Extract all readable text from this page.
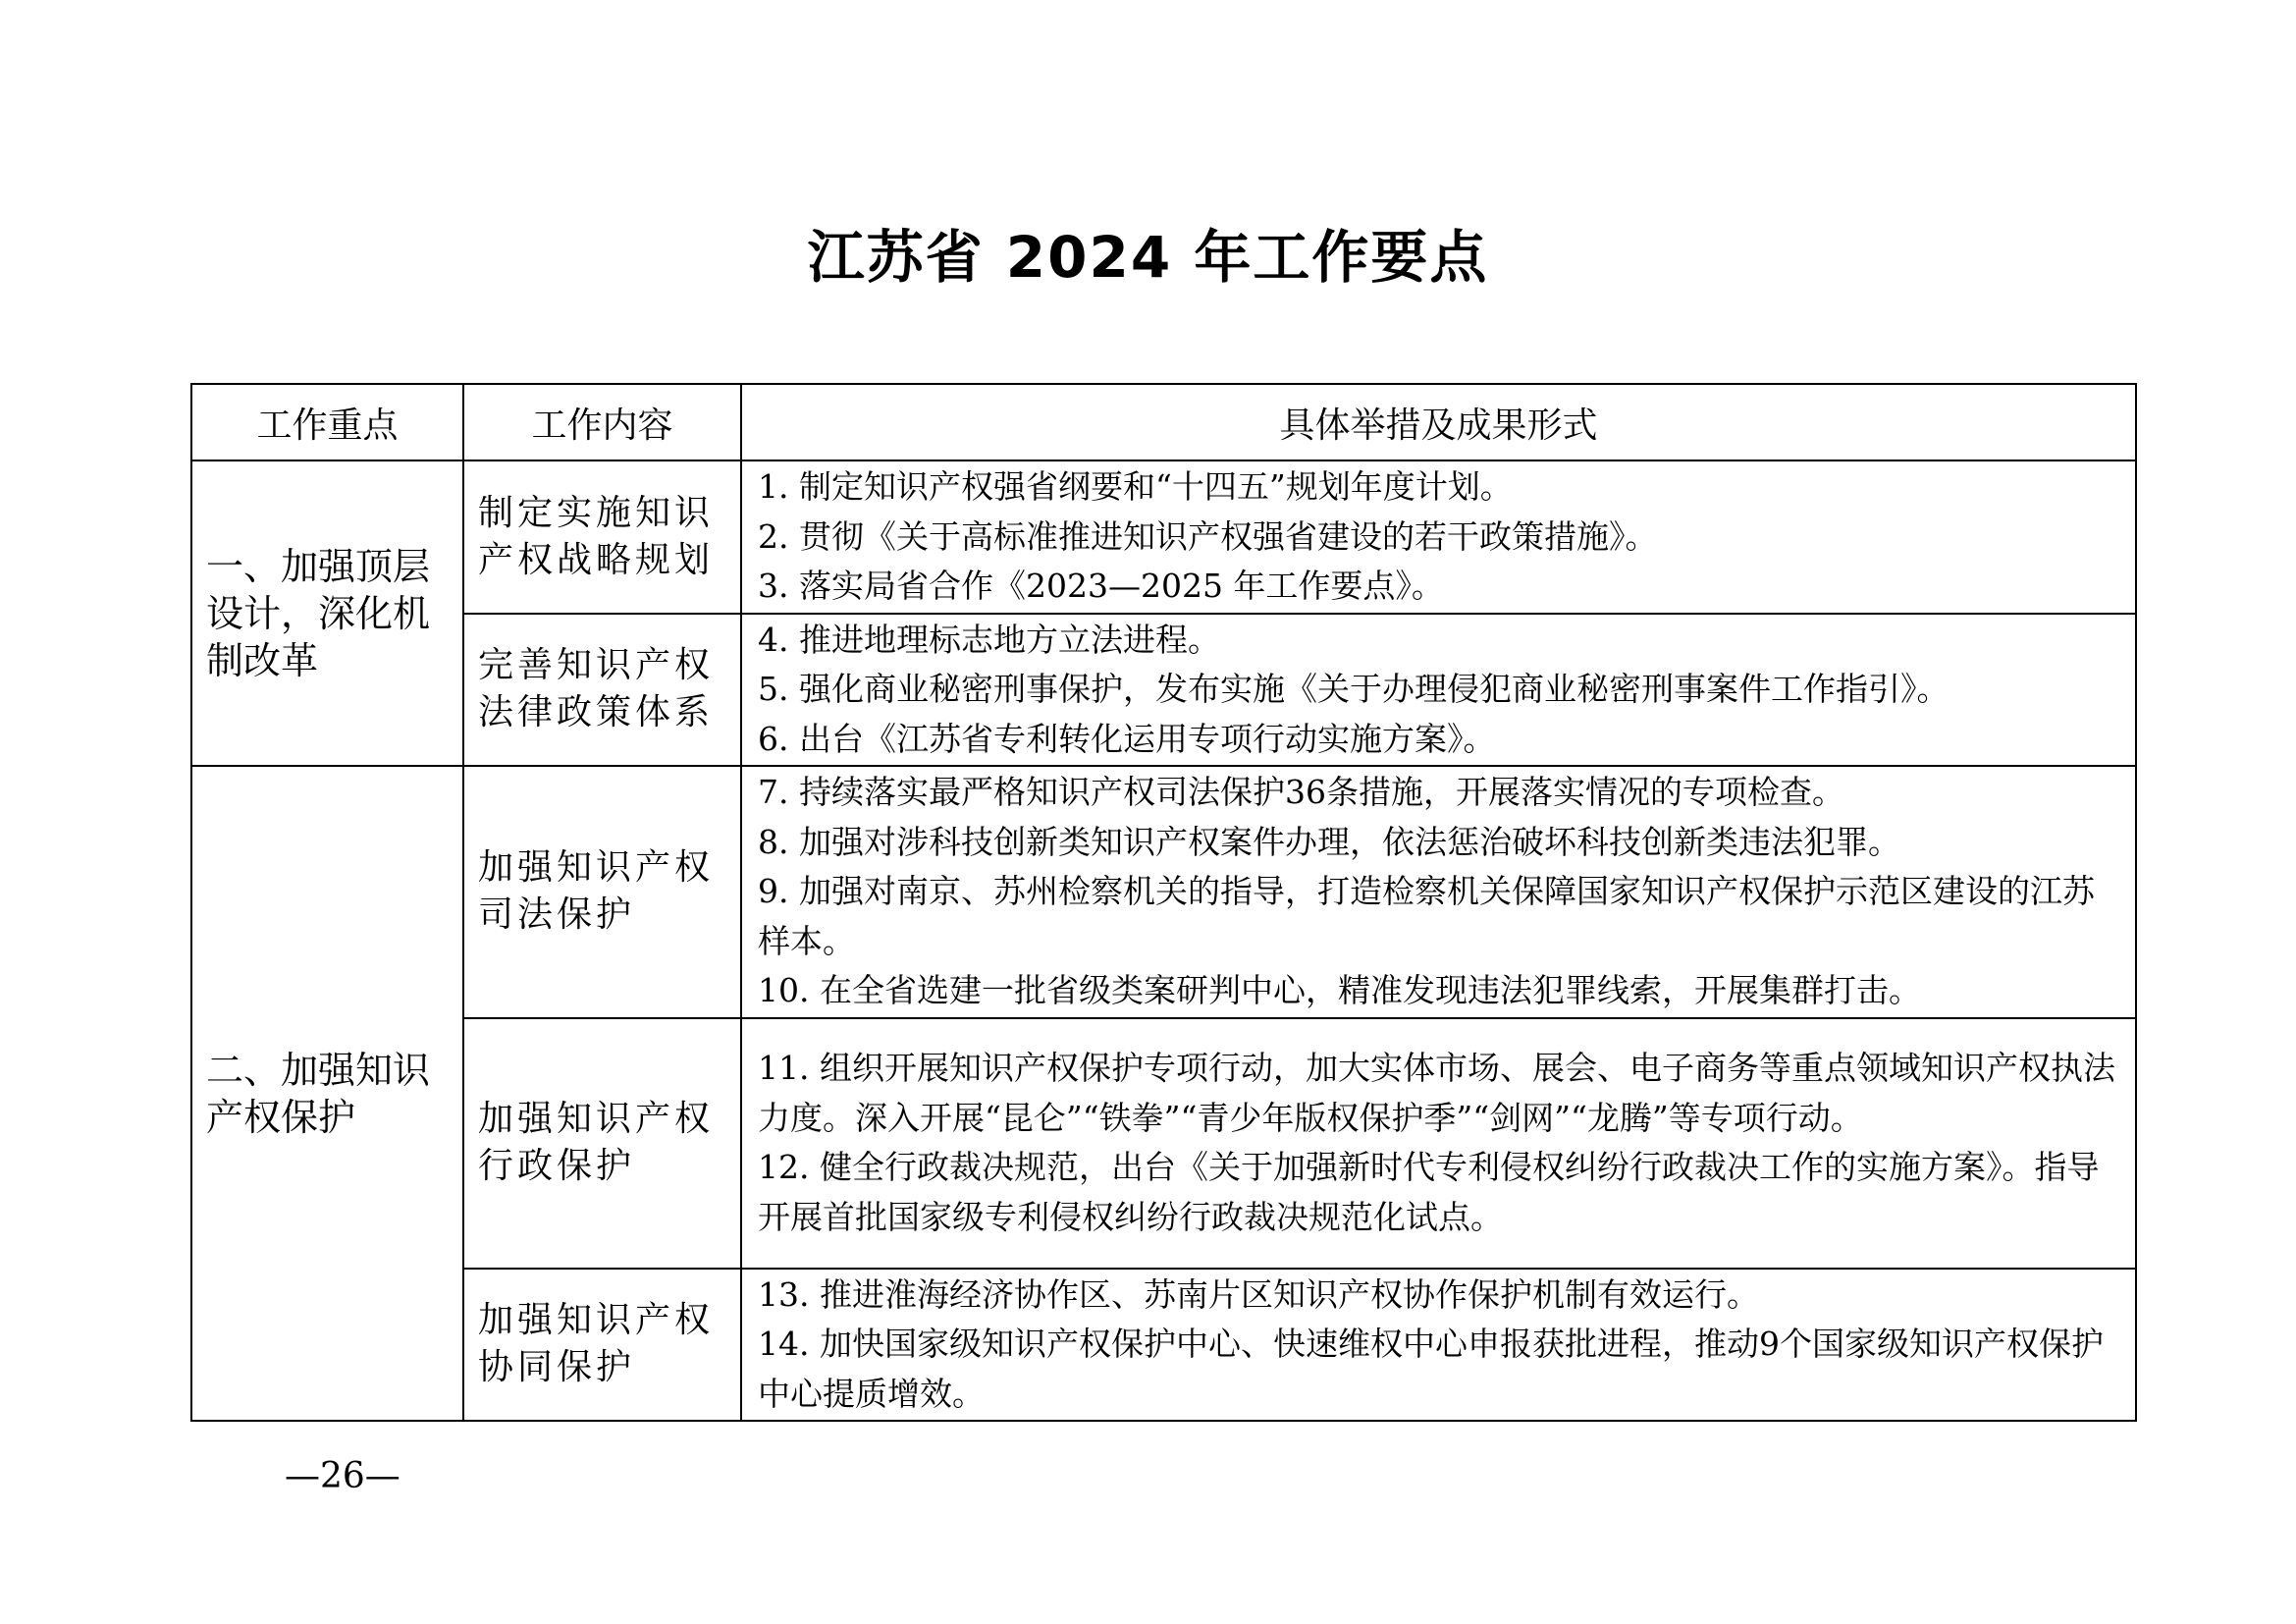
江苏省 2024 年工作要点
工作重点	工作内容	具体举措及成果形式
一、加强顶层设计，深化机制改革	制定实施知识产权战略规划	1. 制定知识产权强省纲要和“十四五”规划年度计划。
2. 贯彻《关于高标准推进知识产权强省建设的若干政策措施》。
3. 落实局省合作《2023—2025 年工作要点》。

	完善知识产权法律政策体系	4. 推进地理标志地方立法进程。
5. 强化商业秘密刑事保护，发布实施《关于办理侵犯商业秘密刑事案件工作指引》。
6. 出台《江苏省专利转化运用专项行动实施方案》。

二、加强知识产权保护	加强知识产权司法保护	7. 持续落实最严格知识产权司法保护36条措施，开展落实情况的专项检查。
8. 加强对涉科技创新类知识产权案件办理，依法惩治破坏科技创新类违法犯罪。
9. 加强对南京、苏州检察机关的指导，打造检察机关保障国家知识产权保护示范区建设的江苏样本。
10. 在全省选建一批省级类案研判中心，精准发现违法犯罪线索，开展集群打击。

	加强知识产权行政保护	11. 组织开展知识产权保护专项行动，加大实体市场、展会、电子商务等重点领域知识产权执法力度。深入开展“昆仑”“铁拳”“青少年版权保护季”“剑网”“龙腾”等专项行动。
12. 健全行政裁决规范，出台《关于加强新时代专利侵权纠纷行政裁决工作的实施方案》。指导开展首批国家级专利侵权纠纷行政裁决规范化试点。

	加强知识产权协同保护	13. 推进淮海经济协作区、苏南片区知识产权协作保护机制有效运行。
14. 加快国家级知识产权保护中心、快速维权中心申报获批进程，推动9个国家级知识产权保护中心提质增效。
—26—
